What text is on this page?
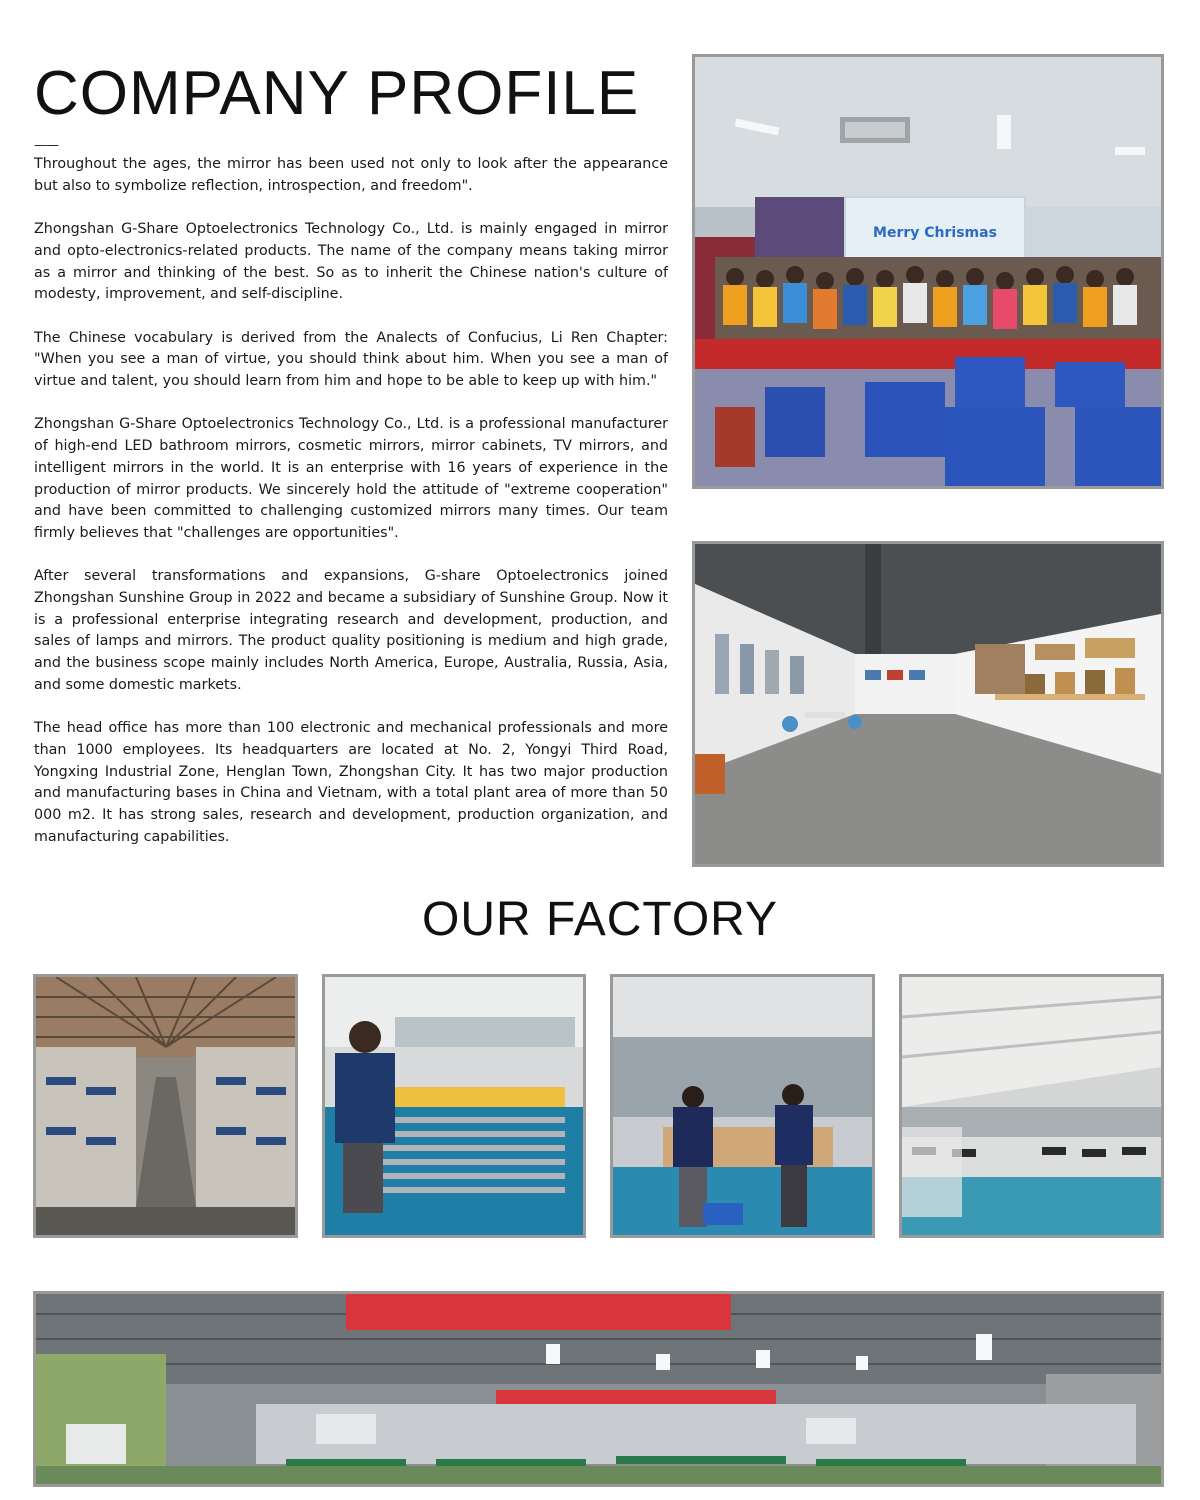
COMPANY PROFILE
——

Throughout the ages, the mirror has been used not only to look after the appearance but also to symbolize reflection, introspection, and freedom".

Zhongshan G-Share Optoelectronics Technology Co., Ltd. is mainly engaged in mirror and opto-electronics-related products. The name of the company means taking mirror as a mirror and thinking of the best. So as to inherit the Chinese nation's culture of modesty, improvement, and self-discipline.

The Chinese vocabulary is derived from the Analects of Confucius, Li Ren Chapter: "When you see a man of virtue, you should think about him. When you see a man of virtue and talent, you should learn from him and hope to be able to keep up with him."

Zhongshan G-Share Optoelectronics Technology Co., Ltd. is a professional manufacturer of high-end LED bathroom mirrors, cosmetic mirrors, mirror cabinets, TV mirrors, and intelligent mirrors in the world. It is an enterprise with 16 years of experience in the production of mirror products. We sincerely hold the attitude of "extreme cooperation" and have been committed to challenging customized mirrors many times. Our team firmly believes that "challenges are opportunities".

After several transformations and expansions, G-share Optoelectronics joined Zhongshan Sunshine Group in 2022 and became a subsidiary of Sunshine Group. Now it is a professional enterprise integrating research and development, production, and sales of lamps and mirrors. The product quality positioning is medium and high grade, and the business scope mainly includes North America, Europe, Australia, Russia, Asia, and some domestic markets.

The head office has more than 100 electronic and mechanical professionals and more than 1000 employees. Its headquarters are located at No. 2, Yongyi Third Road, Yongxing Industrial Zone, Henglan Town, Zhongshan City. It has two major production and manufacturing bases in China and Vietnam, with a total plant area of more than 50 000 m2. It has strong sales, research and development, production organization, and manufacturing capabilities.

Merry Chrismas
OUR FACTORY
